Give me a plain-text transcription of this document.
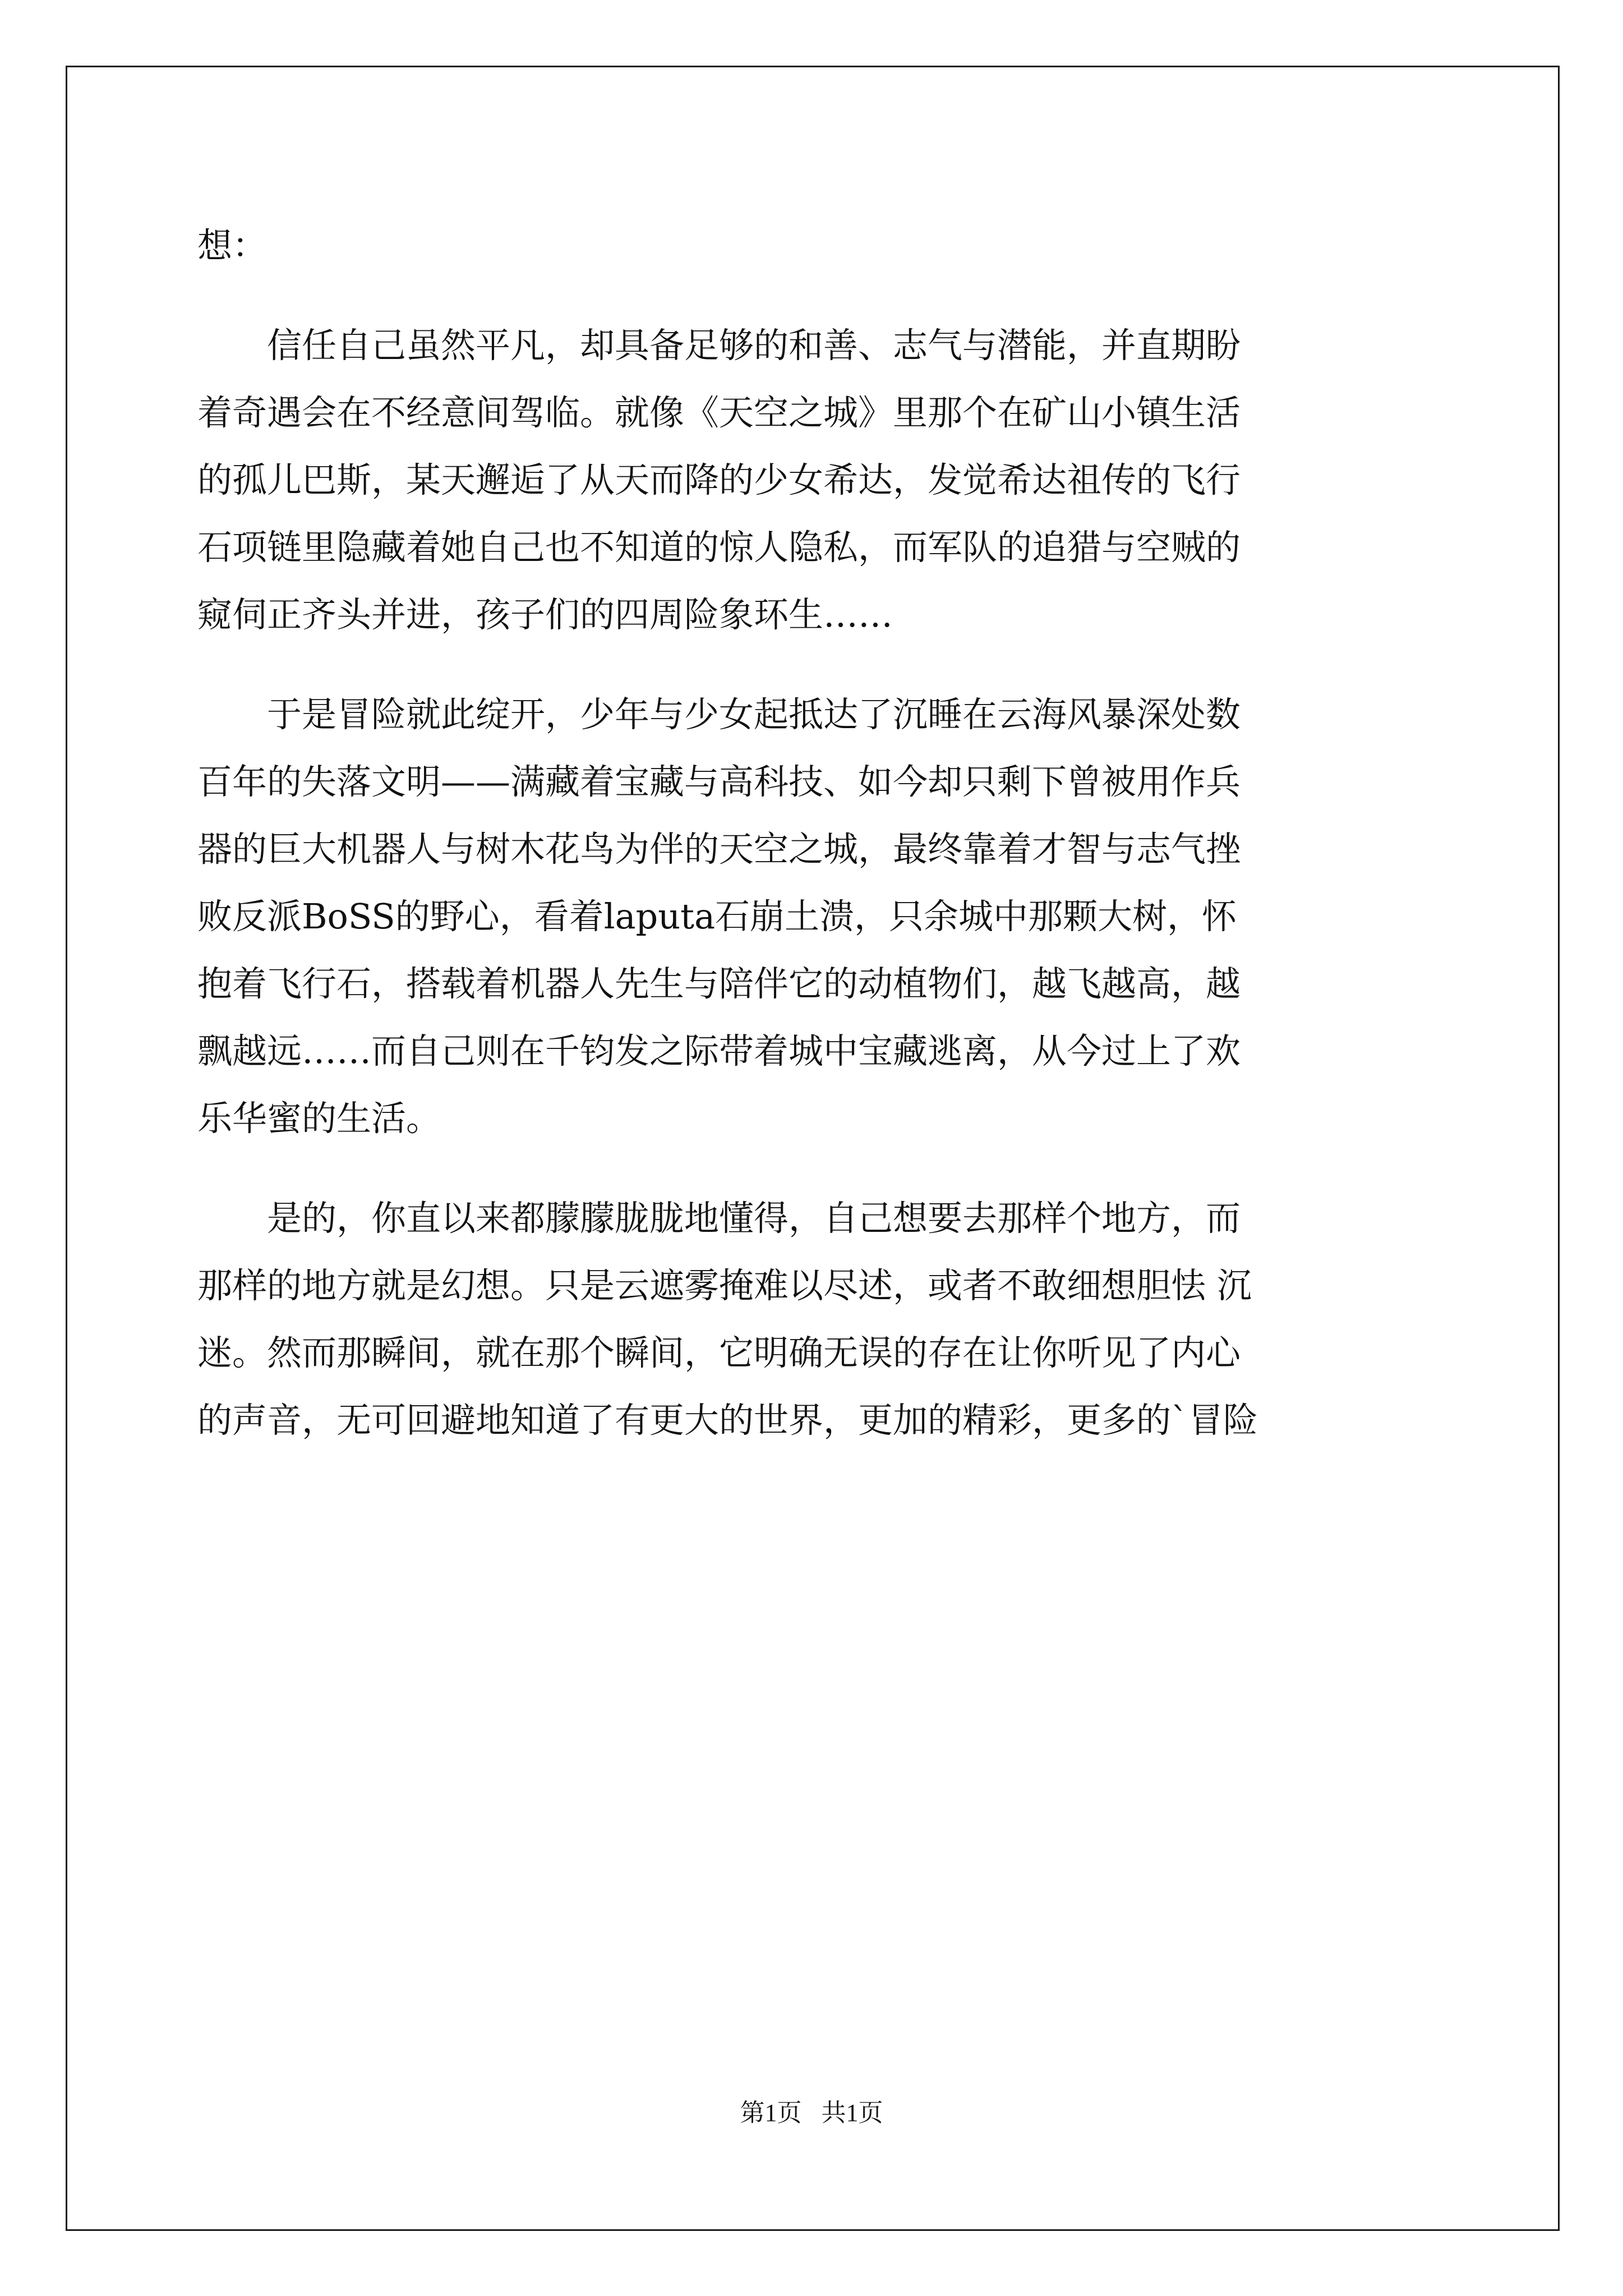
想：
信任自己虽然平凡，却具备足够的和善、志气与潜能，并直期盼
着奇遇会在不经意间驾临。就像《天空之城》里那个在矿山小镇生活
的孤儿巴斯，某天邂逅了从天而降的少女希达，发觉希达祖传的飞行
石项链里隐藏着她自己也不知道的惊人隐私，而军队的追猎与空贼的
窥伺正齐头并进，孩子们的四周险象环生……
于是冒险就此绽开，少年与少女起抵达了沉睡在云海风暴深处数
百年的失落文明——满藏着宝藏与高科技、如今却只剩下曾被用作兵
器的巨大机器人与树木花鸟为伴的天空之城，最终靠着才智与志气挫
败反派BoSS的野心，看着laputa石崩土溃，只余城中那颗大树，怀
抱着飞行石，搭载着机器人先生与陪伴它的动植物们，越飞越高，越
飘越远……而自己则在千钧发之际带着城中宝藏逃离，从今过上了欢
乐华蜜的生活。
是的，你直以来都朦朦胧胧地懂得，自己想要去那样个地方，而
那样的地方就是幻想。只是云遮雾掩难以尽述，或者不敢细想胆怯 沉
迷。然而那瞬间，就在那个瞬间，它明确无误的存在让你听见了内心
的声音，无可回避地知道了有更大的世界，更加的精彩，更多的`冒险
第1页 共1页
